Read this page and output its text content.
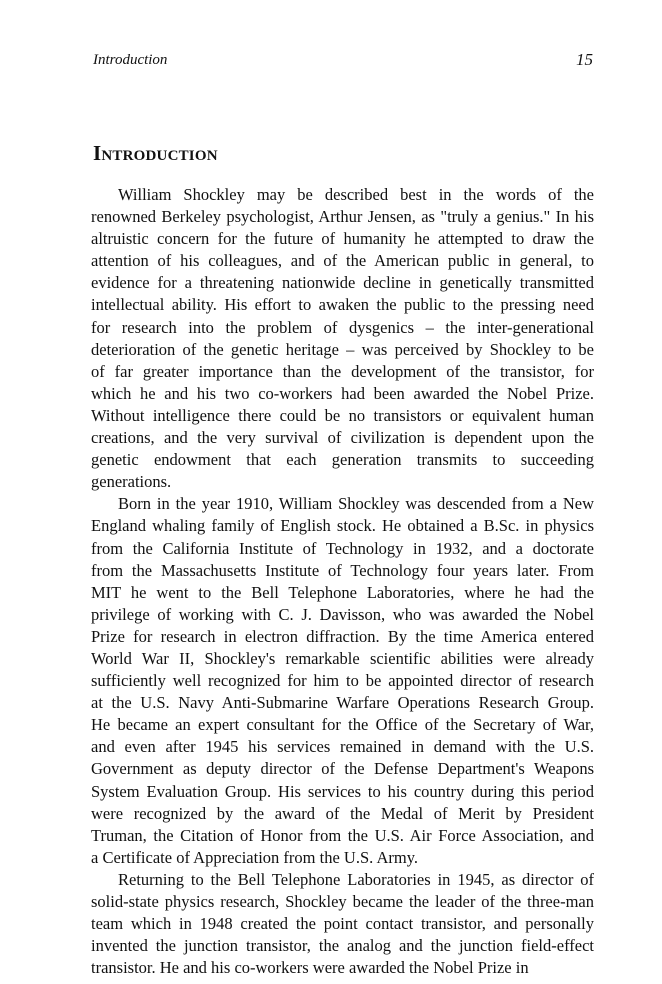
Introduction	15
Introduction
William Shockley may be described best in the words of the
renowned Berkeley psychologist, Arthur Jensen, as "truly a genius." In his
altruistic concern for the future of humanity he attempted to draw the
attention of his colleagues, and of the American public in general, to
evidence for a threatening nationwide decline in genetically transmitted
intellectual ability. His effort to awaken the public to the pressing need
for research into the problem of dysgenics – the inter-generational
deterioration of the genetic heritage – was perceived by Shockley to be
of far greater importance than the development of the transistor, for
which he and his two co-workers had been awarded the Nobel Prize.
Without intelligence there could be no transistors or equivalent human
creations, and the very survival of civilization is dependent upon the
genetic endowment that each generation transmits to succeeding
generations.
Born in the year 1910, William Shockley was descended from a New
England whaling family of English stock. He obtained a B.Sc. in physics
from the California Institute of Technology in 1932, and a doctorate
from the Massachusetts Institute of Technology four years later. From
MIT he went to the Bell Telephone Laboratories, where he had the
privilege of working with C. J. Davisson, who was awarded the Nobel
Prize for research in electron diffraction. By the time America entered
World War II, Shockley's remarkable scientific abilities were already
sufficiently well recognized for him to be appointed director of research
at the U.S. Navy Anti-Submarine Warfare Operations Research Group.
He became an expert consultant for the Office of the Secretary of War,
and even after 1945 his services remained in demand with the U.S.
Government as deputy director of the Defense Department's Weapons
System Evaluation Group. His services to his country during this period
were recognized by the award of the Medal of Merit by President
Truman, the Citation of Honor from the U.S. Air Force Association, and
a Certificate of Appreciation from the U.S. Army.
Returning to the Bell Telephone Laboratories in 1945, as director of
solid-state physics research, Shockley became the leader of the three-man
team which in 1948 created the point contact transistor, and personally
invented the junction transistor, the analog and the junction field-effect
transistor. He and his co-workers were awarded the Nobel Prize in
